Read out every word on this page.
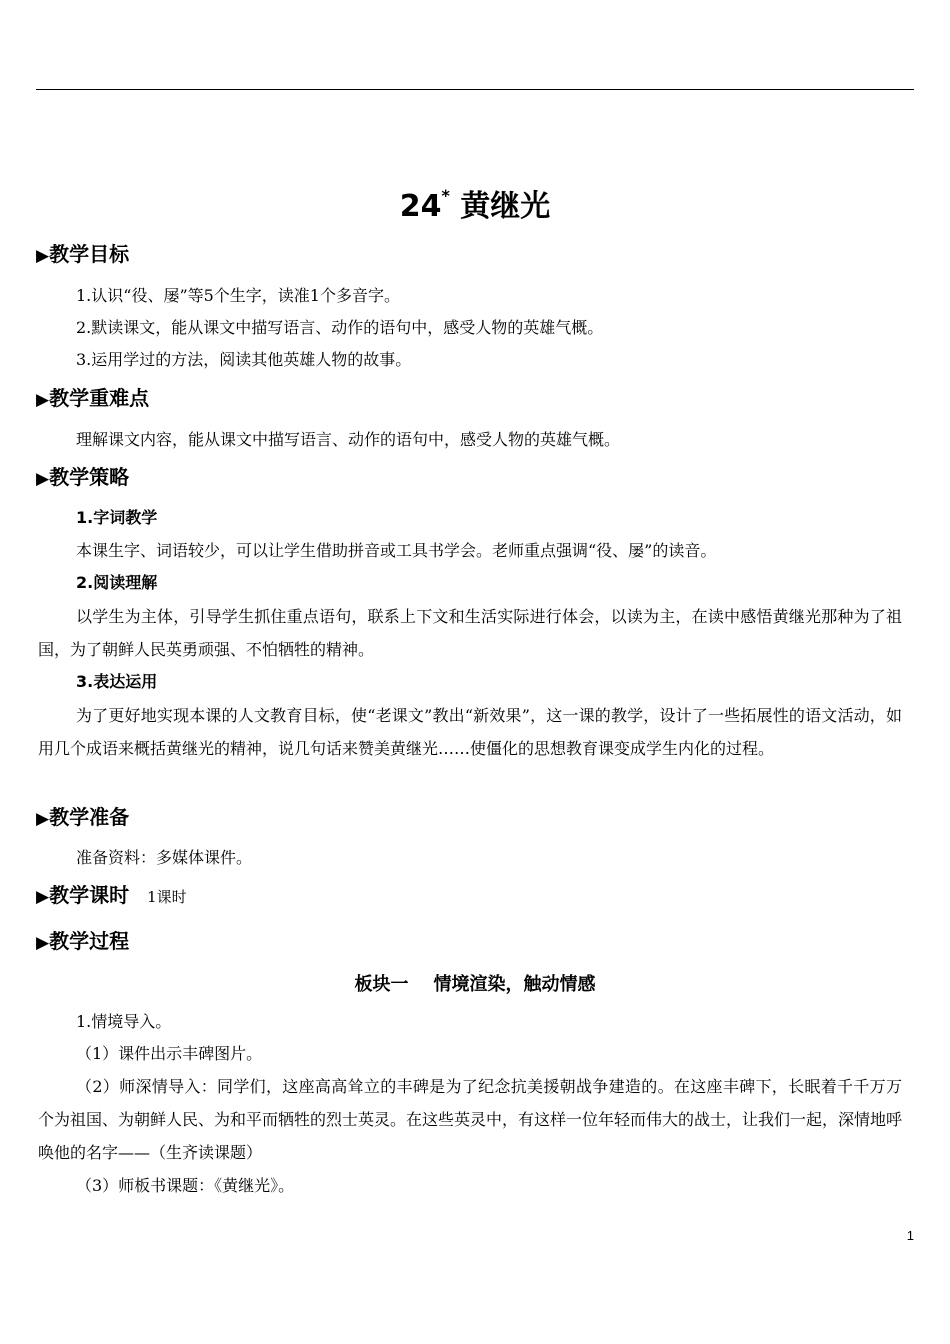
24* 黄继光
▶教学目标
1.认识“役、屡”等5个生字，读准1个多音字。
2.默读课文，能从课文中描写语言、动作的语句中，感受人物的英雄气概。
3.运用学过的方法，阅读其他英雄人物的故事。
▶教学重难点
理解课文内容，能从课文中描写语言、动作的语句中，感受人物的英雄气概。
▶教学策略
1.字词教学
本课生字、词语较少，可以让学生借助拼音或工具书学会。老师重点强调“役、屡”的读音。
2.阅读理解
以学生为主体，引导学生抓住重点语句，联系上下文和生活实际进行体会，以读为主，在读中感悟黄继光那种为了祖国，为了朝鲜人民英勇顽强、不怕牺牲的精神。
3.表达运用
为了更好地实现本课的人文教育目标，使“老课文”教出“新效果”，这一课的教学，设计了一些拓展性的语文活动，如用几个成语来概括黄继光的精神，说几句话来赞美黄继光……使僵化的思想教育课变成学生内化的过程。
▶教学准备
准备资料：多媒体课件。
▶教学课时 1课时
▶教学过程
板块一    情境渲染，触动情感
1.情境导入。
（1）课件出示丰碑图片。
（2）师深情导入：同学们，这座高高耸立的丰碑是为了纪念抗美援朝战争建造的。在这座丰碑下，长眠着千千万万个为祖国、为朝鲜人民、为和平而牺牲的烈士英灵。在这些英灵中，有这样一位年轻而伟大的战士，让我们一起，深情地呼唤他的名字——（生齐读课题）
（3）师板书课题：《黄继光》。
1
